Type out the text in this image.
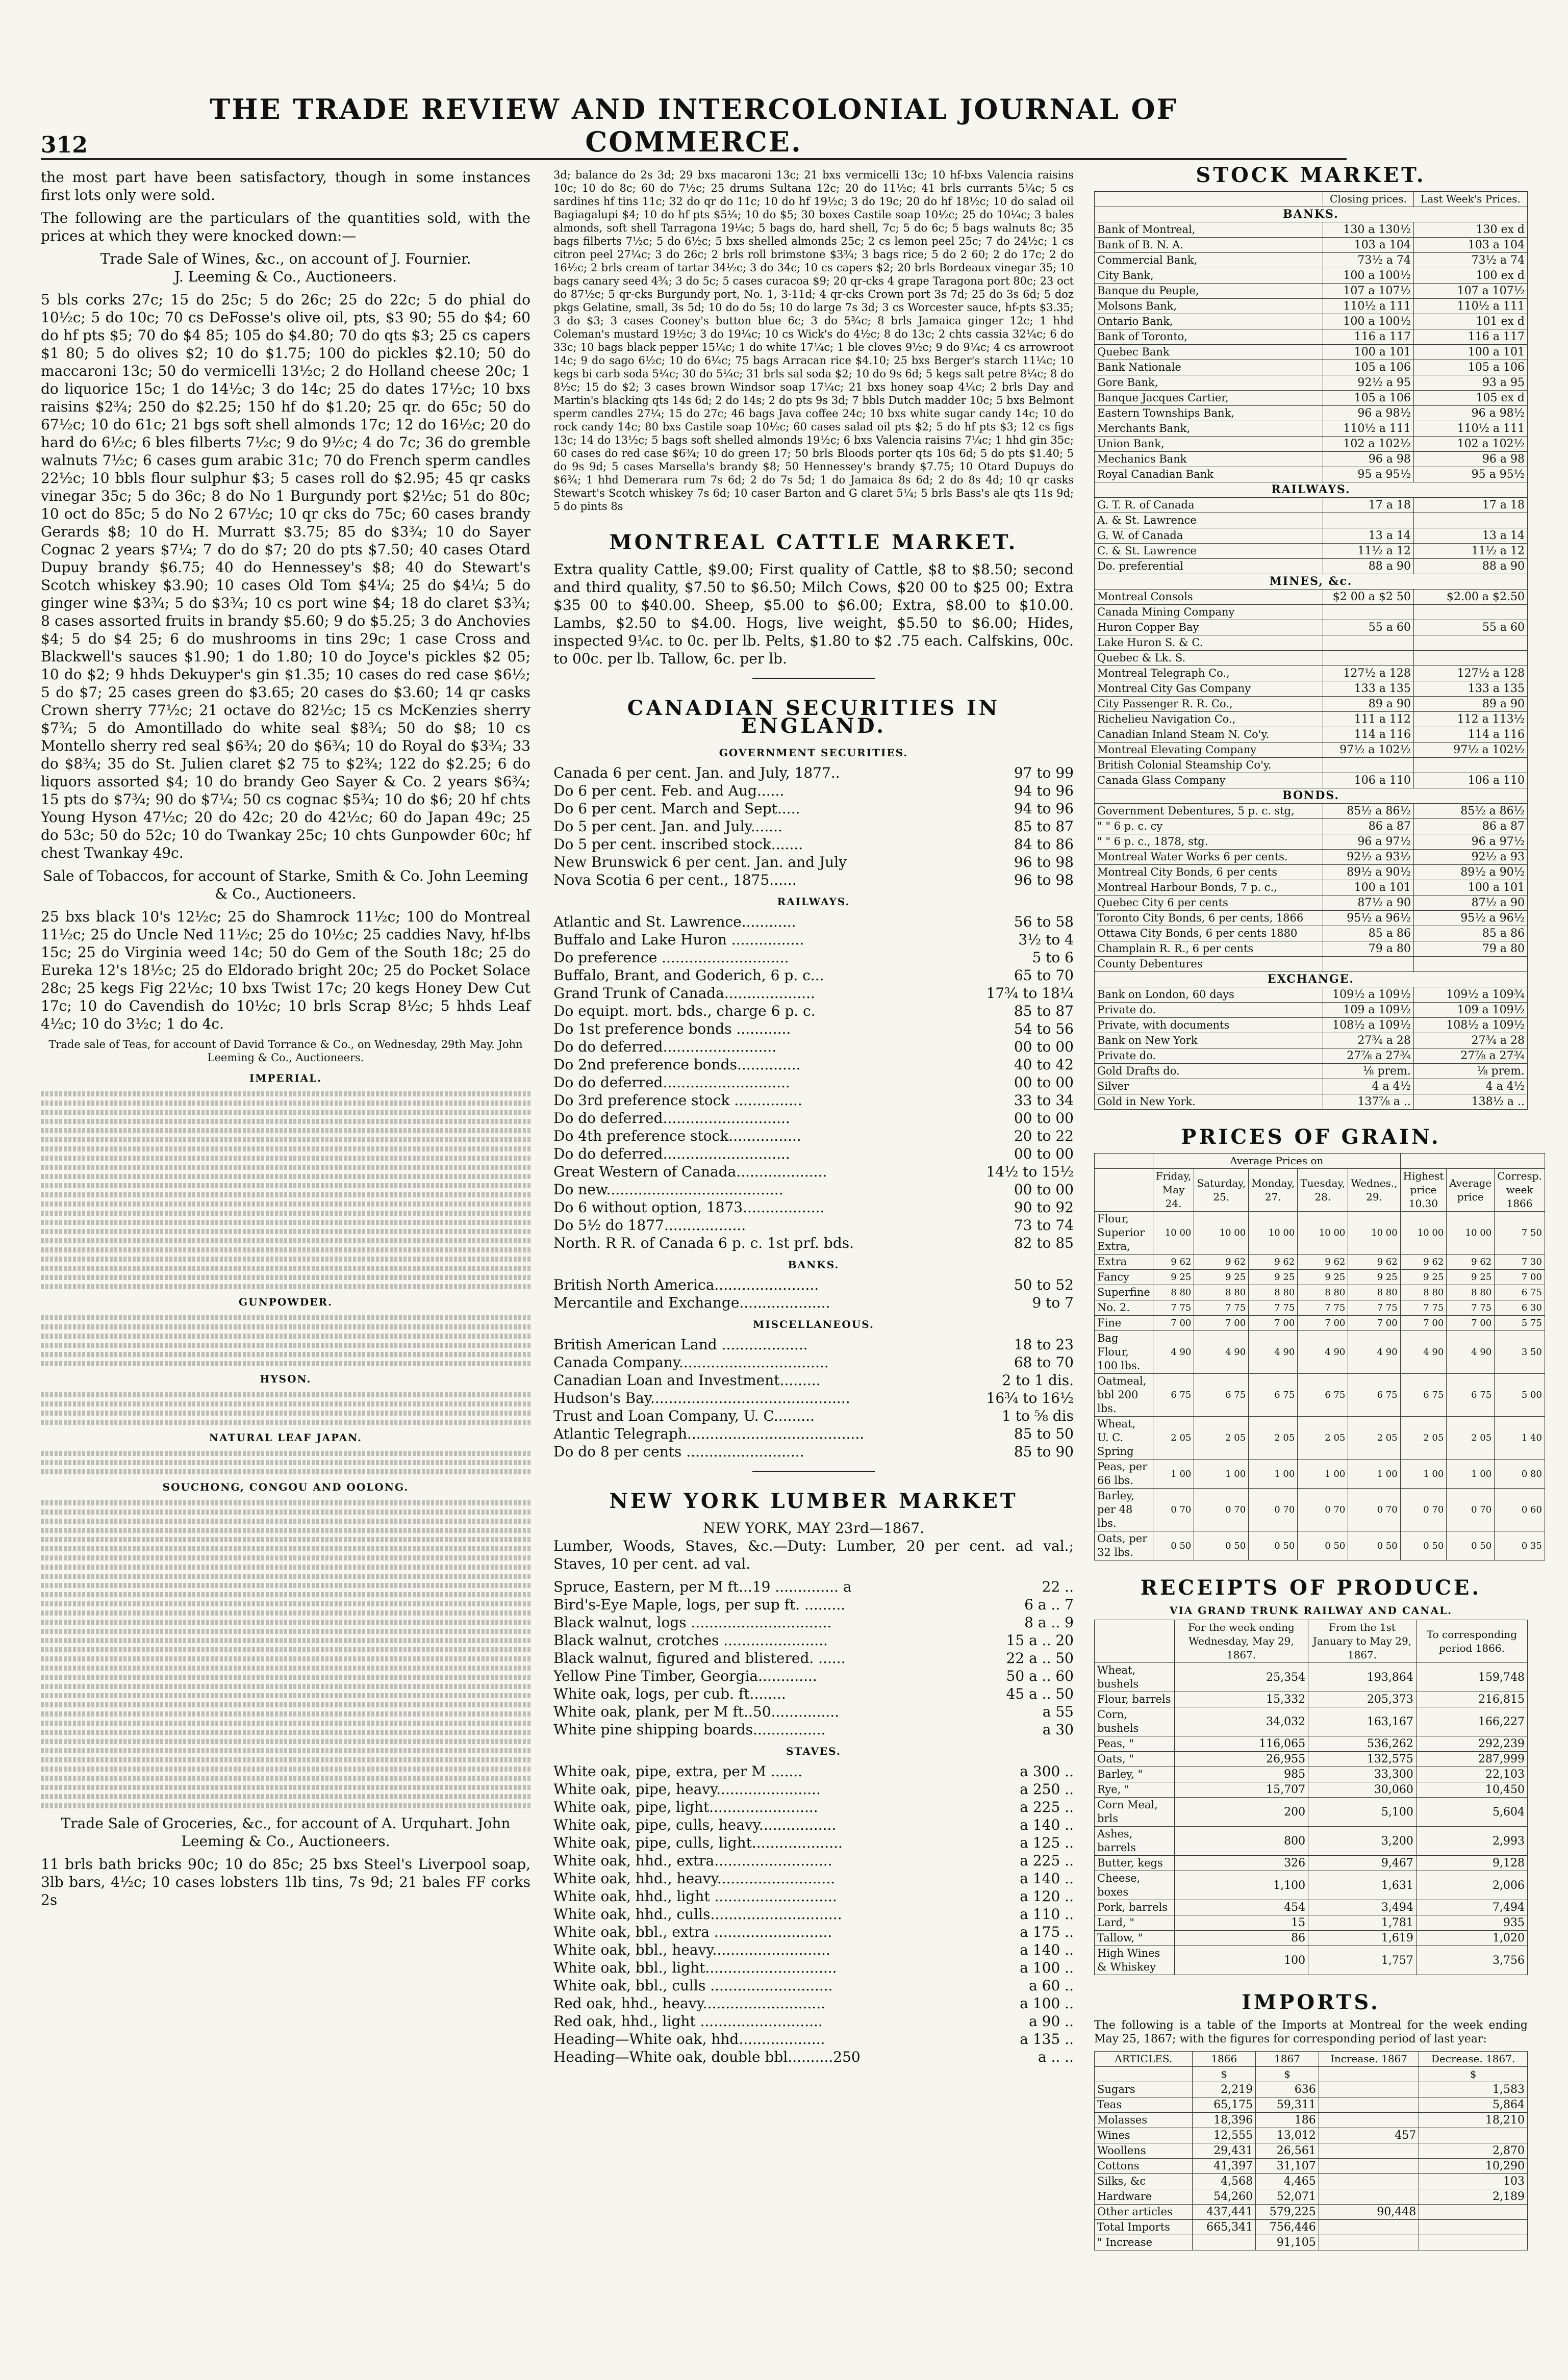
312
THE TRADE REVIEW AND INTERCOLONIAL JOURNAL OF COMMERCE.

the most part have been satisfactory, though in some instances first lots only were sold.

The following are the particulars of the quantities sold, with the prices at which they were knocked down:—

Trade Sale of Wines, &c., on account of J. Fournier.

J. Leeming & Co., Auctioneers.

5 bls corks 27c; 15 do 25c; 5 do 26c; 25 do 22c; 5 do phial do 10½c; 5 do 10c; 70 cs DeFosse's olive oil, pts, $3 90; 55 do $4; 60 do hf pts $5; 70 do $4 85; 105 do $4.80; 70 do qts $3; 25 cs capers $1 80; 5 do olives $2; 10 do $1.75; 100 do pickles $2.10; 50 do maccaroni 13c; 50 do vermicelli 13½c; 2 do Holland cheese 20c; 1 do liquorice 15c; 1 do 14½c; 3 do 14c; 25 do dates 17½c; 10 bxs raisins $2¾; 250 do $2.25; 150 hf do $1.20; 25 qr. do 65c; 50 do 67½c; 10 do 61c; 21 bgs soft shell almonds 17c; 12 do 16½c; 20 do hard do 6½c; 6 bles filberts 7½c; 9 do 9½c; 4 do 7c; 36 do gremble walnuts 7½c; 6 cases gum arabic 31c; 70 do French sperm candles 22½c; 10 bbls flour sulphur $3; 5 cases roll do $2.95; 45 qr casks vinegar 35c; 5 do 36c; 8 do No 1 Burgundy port $2½c; 51 do 80c; 10 oct do 85c; 5 do No 2 67½c; 10 qr cks do 75c; 60 cases brandy Gerards $8; 10 do H. Murratt $3.75; 85 do $3¾; 10 do Sayer Cognac 2 years $7¼; 7 do do $7; 20 do pts $7.50; 40 cases Otard Dupuy brandy $6.75; 40 do Hennessey's $8; 40 do Stewart's Scotch whiskey $3.90; 10 cases Old Tom $4¼; 25 do $4¼; 5 do ginger wine $3¾; 5 do $3¾; 10 cs port wine $4; 18 do claret $3¾; 8 cases assorted fruits in brandy $5.60; 9 do $5.25; 3 do Anchovies $4; 5 do $4 25; 6 do mushrooms in tins 29c; 1 case Cross and Blackwell's sauces $1.90; 1 do 1.80; 10 do Joyce's pickles $2 05; 10 do $2; 9 hhds Dekuyper's gin $1.35; 10 cases do red case $6½; 5 do $7; 25 cases green do $3.65; 20 cases do $3.60; 14 qr casks Crown sherry 77½c; 21 octave do 82½c; 15 cs McKenzies sherry $7¾; 5 do Amontillado do white seal $8¾; 50 do $8; 10 cs Montello sherry red seal $6¾; 20 do $6¾; 10 do Royal do $3¾; 33 do $8¾; 35 do St. Julien claret $2 75 to $2¾; 122 do $2.25; 6 do liquors assorted $4; 10 do brandy Geo Sayer & Co. 2 years $6¾; 15 pts do $7¾; 90 do $7¼; 50 cs cognac $5¾; 10 do $6; 20 hf chts Young Hyson 47½c; 20 do 42c; 20 do 42½c; 60 do Japan 49c; 25 do 53c; 50 do 52c; 10 do Twankay 25c; 10 chts Gunpowder 60c; hf chest Twankay 49c.

Sale of Tobaccos, for account of Starke, Smith & Co. John Leeming & Co., Auctioneers.

25 bxs black 10's 12½c; 25 do Shamrock 11½c; 100 do Montreal 11½c; 25 do Uncle Ned 11½c; 25 do 10½c; 25 caddies Navy, hf-lbs 15c; 25 do Virginia weed 14c; 50 do Gem of the South 18c; 25 do Eureka 12's 18½c; 25 do Eldorado bright 20c; 25 do Pocket Solace 28c; 25 kegs Fig 22½c; 10 bxs Twist 17c; 20 kegs Honey Dew Cut 17c; 10 do Cavendish do 10½c; 10 brls Scrap 8½c; 5 hhds Leaf 4½c; 10 do 3½c; 1 do 4c.

Trade sale of Teas, for account of David Torrance & Co., on Wednesday, 29th May. John Leeming & Co., Auctioneers.

IMPERIAL.
GUNPOWDER.
HYSON.
NATURAL LEAF JAPAN.
SOUCHONG, CONGOU AND OOLONG.

Trade Sale of Groceries, &c., for account of A. Urquhart. John Leeming & Co., Auctioneers.

11 brls bath bricks 90c; 10 do 85c; 25 bxs Steel's Liverpool soap, 3lb bars, 4½c; 10 cases lobsters 1lb tins, 7s 9d; 21 bales FF corks 2s

3d; balance do 2s 3d; 29 bxs macaroni 13c; 21 bxs vermicelli 13c; 10 hf-bxs Valencia raisins 10c; 10 do 8c; 60 do 7½c; 25 drums Sultana 12c; 20 do 11½c; 41 brls currants 5¼c; 5 cs sardines hf tins 11c; 32 do qr do 11c; 10 do hf 19½c; 3 do 19c; 20 do hf 18½c; 10 do salad oil Bagiagalupi $4; 10 do hf pts $5¼; 10 do $5; 30 boxes Castile soap 10½c; 25 do 10¼c; 3 bales almonds, soft shell Tarragona 19¼c; 5 bags do, hard shell, 7c; 5 do 6c; 5 bags walnuts 8c; 35 bags filberts 7½c; 5 do 6½c; 5 bxs shelled almonds 25c; 2 cs lemon peel 25c; 7 do 24½c; 1 cs citron peel 27¼c; 3 do 26c; 2 brls roll brimstone $3¾; 3 bags rice; 5 do 2 60; 2 do 17c; 2 do 16½c; 2 brls cream of tartar 34½c; 3 do 34c; 10 cs capers $2; 20 brls Bordeaux vinegar 35; 10 bags canary seed 4¾; 3 do 5c; 5 cases curacoa $9; 20 qr-cks 4 grape Taragona port 80c; 23 oct do 87½c; 5 qr-cks Burgundy port, No. 1, 3-11d; 4 qr-cks Crown port 3s 7d; 25 do 3s 6d; 5 doz pkgs Gelatine, small, 3s 5d; 10 do do 5s; 10 do large 7s 3d; 3 cs Worcester sauce, hf-pts $3.35; 3 do $3; 3 cases Cooney's button blue 6c; 3 do 5¾c; 8 brls Jamaica ginger 12c; 1 hhd Coleman's mustard 19½c; 3 do 19¼c; 10 cs Wick's do 4½c; 8 do 13c; 2 chts cassia 32¼c; 6 do 33c; 10 bags black pepper 15¼c; 1 do white 17¼c; 1 ble cloves 9½c; 9 do 9¼c; 4 cs arrowroot 14c; 9 do sago 6½c; 10 do 6¼c; 75 bags Arracan rice $4.10; 25 bxs Berger's starch 11¼c; 10 kegs bi carb soda 5¼c; 30 do 5¼c; 31 brls sal soda $2; 10 do 9s 6d; 5 kegs salt petre 8¼c; 8 do 8½c; 15 do $2; 3 cases brown Windsor soap 17¼c; 21 bxs honey soap 4¼c; 2 brls Day and Martin's blacking qts 14s 6d; 2 do 14s; 2 do pts 9s 3d; 7 bbls Dutch madder 10c; 5 bxs Belmont sperm candles 27¼; 15 do 27c; 46 bags Java coffee 24c; 10 bxs white sugar candy 14c; 10 do rock candy 14c; 80 bxs Castile soap 10½c; 60 cases salad oil pts $2; 5 do hf pts $3; 12 cs figs 13c; 14 do 13½c; 5 bags soft shelled almonds 19½c; 6 bxs Valencia raisins 7¼c; 1 hhd gin 35c; 60 cases do red case $6¾; 10 do green 17; 50 brls Bloods porter qts 10s 6d; 5 do pts $1.40; 5 do 9s 9d; 5 cases Marsella's brandy $8; 50 Hennessey's brandy $7.75; 10 Otard Dupuys do $6¾; 1 hhd Demerara rum 7s 6d; 2 do 7s 5d; 1 do Jamaica 8s 6d; 2 do 8s 4d; 10 qr casks Stewart's Scotch whiskey 7s 6d; 10 caser Barton and G claret 5¼; 5 brls Bass's ale qts 11s 9d; 5 do pints 8s

MONTREAL CATTLE MARKET.

Extra quality Cattle, $9.00; First quality of Cattle, $8 to $8.50; second and third quality, $7.50 to $6.50; Milch Cows, $20 00 to $25 00; Extra $35 00 to $40.00. Sheep, $5.00 to $6.00; Extra, $8.00 to $10.00. Lambs, $2.50 to $4.00. Hogs, live weight, $5.50 to $6.00; Hides, inspected 9¼c. to 0c. per lb. Pelts, $1.80 to $2 .75 each. Calfskins, 00c. to 00c. per lb. Tallow, 6c. per lb.

CANADIAN SECURITIES IN ENGLAND.
GOVERNMENT SECURITIES.
Canada 6 per cent. Jan. and July, 1877..	97 to 99
Do 6 per cent. Feb. and Aug......	94 to 96
Do 6 per cent. March and Sept.....	94 to 96
Do 5 per cent. Jan. and July.......	85 to 87
Do 5 per cent. inscribed stock.......	84 to 86
New Brunswick 6 per cent. Jan. and July	96 to 98
Nova Scotia 6 per cent., 1875......	96 to 98
RAILWAYS.
Atlantic and St. Lawrence............	56 to 58
Buffalo and Lake Huron ................	3½ to 4
Do preference ............................	5 to 6
Buffalo, Brant, and Goderich, 6 p. c...	65 to 70
Grand Trunk of Canada....................	17¾ to 18¼
Do equipt. mort. bds., charge 6 p. c.	85 to 87
Do 1st preference bonds ............	54 to 56
Do do deferred.........................	00 to 00
Do 2nd preference bonds..............	40 to 42
Do do deferred............................	00 to 00
Do 3rd preference stock ...............	33 to 34
Do do deferred............................	00 to 00
Do 4th preference stock................	20 to 22
Do do deferred............................	00 to 00
Great Western of Canada....................	14½ to 15½
Do new.......................................	00 to 00
Do 6 without option, 1873..................	90 to 92
Do 5½ do 1877..................	73 to 74
North. R R. of Canada 6 p. c. 1st prf. bds.	82 to 85
BANKS.
British North America.......................	50 to 52
Mercantile and Exchange....................	9 to 7
MISCELLANEOUS.
British American Land ...................	18 to 23
Canada Company.................................	68 to 70
Canadian Loan and Investment.........	2 to 1 dis.
Hudson's Bay............................................	16¾ to 16½
Trust and Loan Company, U. C.........	1 to ⅝ dis
Atlantic Telegraph.......................................	85 to 50
Do do 8 per cents ..........................	85 to 90
NEW YORK LUMBER MARKET
NEW YORK, MAY 23rd—1867.

Lumber, Woods, Staves, &c.—Duty: Lumber, 20 per cent. ad val.; Staves, 10 per cent. ad val.

Spruce, Eastern, per M ft...19 .............. a	22 ..
Bird's-Eye Maple, logs, per sup ft. .........	6 a .. 7
Black walnut, logs ...............................	8 a .. 9
Black walnut, crotches .......................	15 a .. 20
Black walnut, figured and blistered. ......	22 a .. 50
Yellow Pine Timber, Georgia.............	50 a .. 60
White oak, logs, per cub. ft........	45 a .. 50
White oak, plank, per M ft..50...............	a 55
White pine shipping boards................	a 30
STAVES.
White oak, pipe, extra, per M .......	a 300 ..
White oak, pipe, heavy.......................	a 250 ..
White oak, pipe, light........................	a 225 ..
White oak, pipe, culls, heavy.................	a 140 ..
White oak, pipe, culls, light....................	a 125 ..
White oak, hhd., extra..........................	a 225 ..
White oak, hhd., heavy..........................	a 140 ..
White oak, hhd., light ...........................	a 120 ..
White oak, hhd., culls.............................	a 110 ..
White oak, bbl., extra ..........................	a 175 ..
White oak, bbl., heavy..........................	a 140 ..
White oak, bbl., light.............................	a 100 ..
White oak, bbl., culls ...........................	a 60 ..
Red oak, hhd., heavy...........................	a 100 ..
Red oak, hhd., light ...........................	a 90 ..
Heading—White oak, hhd...................	a 135 ..
Heading—White oak, double bbl..........250	a .. ..
STOCK MARKET.
	Closing prices.	Last Week's Prices.
BANKS.		
Bank of Montreal,	130 a 130½	130 ex d
Bank of B. N. A.	103 a 104	103 a 104
Commercial Bank,	73½ a 74	73½ a 74
City Bank,	100 a 100½	100 ex d
Banque du Peuple,	107 a 107½	107 a 107½
Molsons Bank,	110½ a 111	110½ a 111
Ontario Bank,	100 a 100½	101 ex d
Bank of Toronto,	116 a 117	116 a 117
Quebec Bank	100 a 101	100 a 101
Bank Nationale	105 a 106	105 a 106
Gore Bank,	92½ a 95	93 a 95
Banque Jacques Cartier,	105 a 106	105 ex d
Eastern Townships Bank,	96 a 98½	96 a 98½
Merchants Bank,	110½ a 111	110½ a 111
Union Bank,	102 a 102½	102 a 102½
Mechanics Bank	96 a 98	96 a 98
Royal Canadian Bank	95 a 95½	95 a 95½
RAILWAYS.		
G. T. R. of Canada	17 a 18	17 a 18
A. & St. Lawrence		
G. W. of Canada	13 a 14	13 a 14
C. & St. Lawrence	11½ a 12	11½ a 12
Do. preferential	88 a 90	88 a 90
MINES, &c.		
Montreal Consols	$2 00 a $2 50	$2.00 a $2.50
Canada Mining Company		
Huron Copper Bay	55 a 60	55 a 60
Lake Huron S. & C.		
Quebec & Lk. S.		
Montreal Telegraph Co.,	127½ a 128	127½ a 128
Montreal City Gas Company	133 a 135	133 a 135
City Passenger R. R. Co.,	89 a 90	89 a 90
Richelieu Navigation Co.,	111 a 112	112 a 113½
Canadian Inland Steam N. Co'y.	114 a 116	114 a 116
Montreal Elevating Company	97½ a 102½	97½ a 102½
British Colonial Steamship Co'y.		
Canada Glass Company	106 a 110	106 a 110
BONDS.		
Government Debentures, 5 p. c. stg,	85½ a 86½	85½ a 86½
" " 6 p. c. cy	86 a 87	86 a 87
" " 6 p. c., 1878, stg.	96 a 97½	96 a 97½
Montreal Water Works 6 per cents.	92½ a 93½	92½ a 93
Montreal City Bonds, 6 per cents	89½ a 90½	89½ a 90½
Montreal Harbour Bonds, 7 p. c.,	100 a 101	100 a 101
Quebec City 6 per cents	87½ a 90	87½ a 90
Toronto City Bonds, 6 per cents, 1866	95½ a 96½	95½ a 96½
Ottawa City Bonds, 6 per cents 1880	85 a 86	85 a 86
Champlain R. R., 6 per cents	79 a 80	79 a 80
County Debentures		
EXCHANGE.		
Bank on London, 60 days	109½ a 109½	109½ a 109¾
Private do.	109 a 109½	109 a 109½
Private, with documents	108½ a 109½	108½ a 109½
Bank on New York	27¾ a 28	27¾ a 28
Private do.	27⅞ a 27¾	27⅞ a 27¾
Gold Drafts do.	⅛ prem.	⅛ prem.
Silver	4 a 4½	4 a 4½
Gold in New York.	137⅞ a ..	138½ a ..
PRICES OF GRAIN.
	Average Prices on							
	Friday, May 24.	Saturday, 25.	Monday, 27.	Tuesday, 28.	Wednes., 29.	Highest price 10.30	Average price	Corresp. week 1866
Flour, Superior Extra,	10 00	10 00	10 00	10 00	10 00	10 00	10 00	7 50
Extra	9 62	9 62	9 62	9 62	9 62	9 62	9 62	7 30
Fancy	9 25	9 25	9 25	9 25	9 25	9 25	9 25	7 00
Superfine	8 80	8 80	8 80	8 80	8 80	8 80	8 80	6 75
No. 2.	7 75	7 75	7 75	7 75	7 75	7 75	7 75	6 30
Fine	7 00	7 00	7 00	7 00	7 00	7 00	7 00	5 75
Bag Flour, 100 lbs.	4 90	4 90	4 90	4 90	4 90	4 90	4 90	3 50
Oatmeal, bbl 200 lbs.	6 75	6 75	6 75	6 75	6 75	6 75	6 75	5 00
Wheat, U. C. Spring	2 05	2 05	2 05	2 05	2 05	2 05	2 05	1 40
Peas, per 66 lbs.	1 00	1 00	1 00	1 00	1 00	1 00	1 00	0 80
Barley, per 48 lbs.	0 70	0 70	0 70	0 70	0 70	0 70	0 70	0 60
Oats, per 32 lbs.	0 50	0 50	0 50	0 50	0 50	0 50	0 50	0 35
RECEIPTS OF PRODUCE.
VIA GRAND TRUNK RAILWAY AND CANAL.
	For the week ending Wednesday, May 29, 1867.	From the 1st January to May 29, 1867.	To corresponding period 1866.
Wheat, bushels	25,354	193,864	159,748
Flour, barrels	15,332	205,373	216,815
Corn, bushels	34,032	163,167	166,227
Peas, "	116,065	536,262	292,239
Oats, "	26,955	132,575	287,999
Barley, "	985	33,300	22,103
Rye, "	15,707	30,060	10,450
Corn Meal, brls	200	5,100	5,604
Ashes, barrels	800	3,200	2,993
Butter, kegs	326	9,467	9,128
Cheese, boxes	1,100	1,631	2,006
Pork, barrels	454	3,494	7,494
Lard, "	15	1,781	935
Tallow, "	86	1,619	1,020
High Wines & Whiskey	100	1,757	3,756
IMPORTS.

The following is a table of the Imports at Montreal for the week ending May 25, 1867; with the figures for corresponding period of last year:

ARTICLES.	1866	1867	Increase. 1867	Decrease. 1867.
	$	$		$
Sugars	2,219	636		1,583
Teas	65,175	59,311		5,864
Molasses	18,396	186		18,210
Wines	12,555	13,012	457	
Woollens	29,431	26,561		2,870
Cottons	41,397	31,107		10,290
Silks, &c	4,568	4,465		103
Hardware	54,260	52,071		2,189
Other articles	437,441	579,225	90,448	
Total Imports	665,341	756,446		
" Increase		91,105		
